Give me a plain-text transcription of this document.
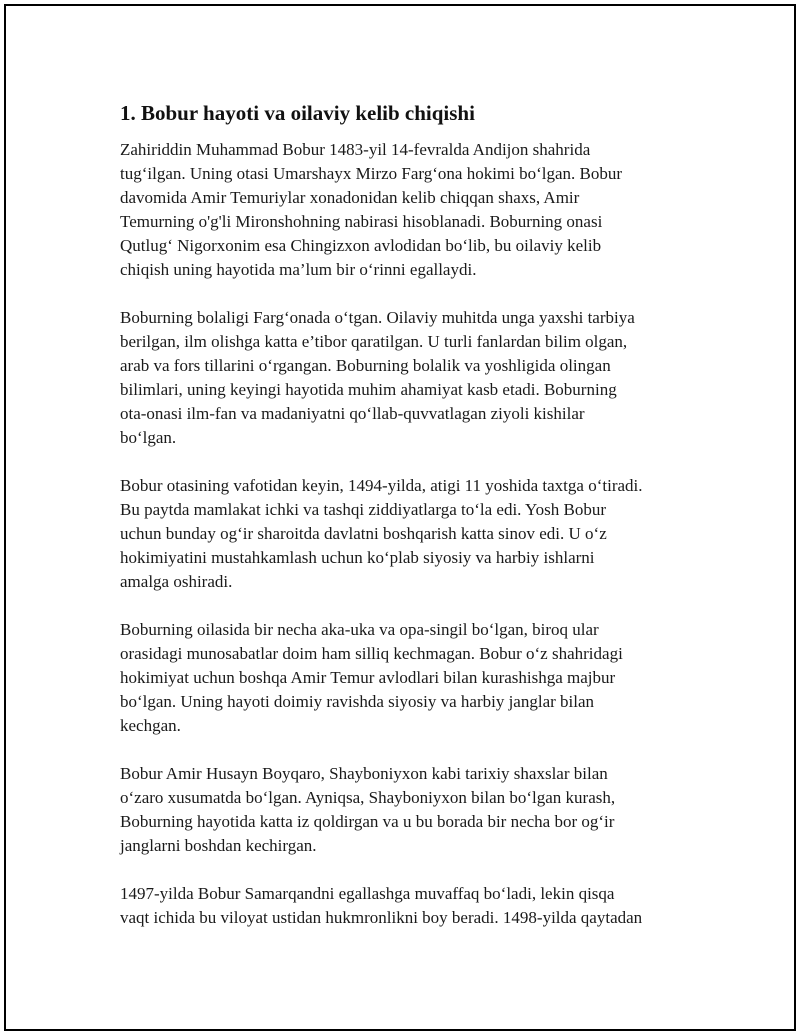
1. Bobur hayoti va oilaviy kelib chiqishi

Zahiriddin Muhammad Bobur 1483-yil 14-fevralda Andijon shahrida
tug‘ilgan. Uning otasi Umarshayx Mirzo Farg‘ona hokimi bo‘lgan. Bobur
davomida Amir Temuriylar xonadonidan kelib chiqqan shaxs, Amir
Temurning o'g'li Mironshohning nabirasi hisoblanadi. Boburning onasi
Qutlug‘ Nigorxonim esa Chingizxon avlodidan bo‘lib, bu oilaviy kelib
chiqish uning hayotida ma’lum bir o‘rinni egallaydi.

Boburning bolaligi Farg‘onada o‘tgan. Oilaviy muhitda unga yaxshi tarbiya
berilgan, ilm olishga katta e’tibor qaratilgan. U turli fanlardan bilim olgan,
arab va fors tillarini o‘rgangan. Boburning bolalik va yoshligida olingan
bilimlari, uning keyingi hayotida muhim ahamiyat kasb etadi. Boburning
ota-onasi ilm-fan va madaniyatni qo‘llab-quvvatlagan ziyoli kishilar
bo‘lgan.

Bobur otasining vafotidan keyin, 1494-yilda, atigi 11 yoshida taxtga o‘tiradi.
Bu paytda mamlakat ichki va tashqi ziddiyatlarga to‘la edi. Yosh Bobur
uchun bunday og‘ir sharoitda davlatni boshqarish katta sinov edi. U o‘z
hokimiyatini mustahkamlash uchun ko‘plab siyosiy va harbiy ishlarni
amalga oshiradi.

Boburning oilasida bir necha aka-uka va opa-singil bo‘lgan, biroq ular
orasidagi munosabatlar doim ham silliq kechmagan. Bobur o‘z shahridagi
hokimiyat uchun boshqa Amir Temur avlodlari bilan kurashishga majbur
bo‘lgan. Uning hayoti doimiy ravishda siyosiy va harbiy janglar bilan
kechgan.

Bobur Amir Husayn Boyqaro, Shayboniyxon kabi tarixiy shaxslar bilan
o‘zaro xusumatda bo‘lgan. Ayniqsa, Shayboniyxon bilan bo‘lgan kurash,
Boburning hayotida katta iz qoldirgan va u bu borada bir necha bor og‘ir
janglarni boshdan kechirgan.

1497-yilda Bobur Samarqandni egallashga muvaffaq bo‘ladi, lekin qisqa
vaqt ichida bu viloyat ustidan hukmronlikni boy beradi. 1498-yilda qaytadan
